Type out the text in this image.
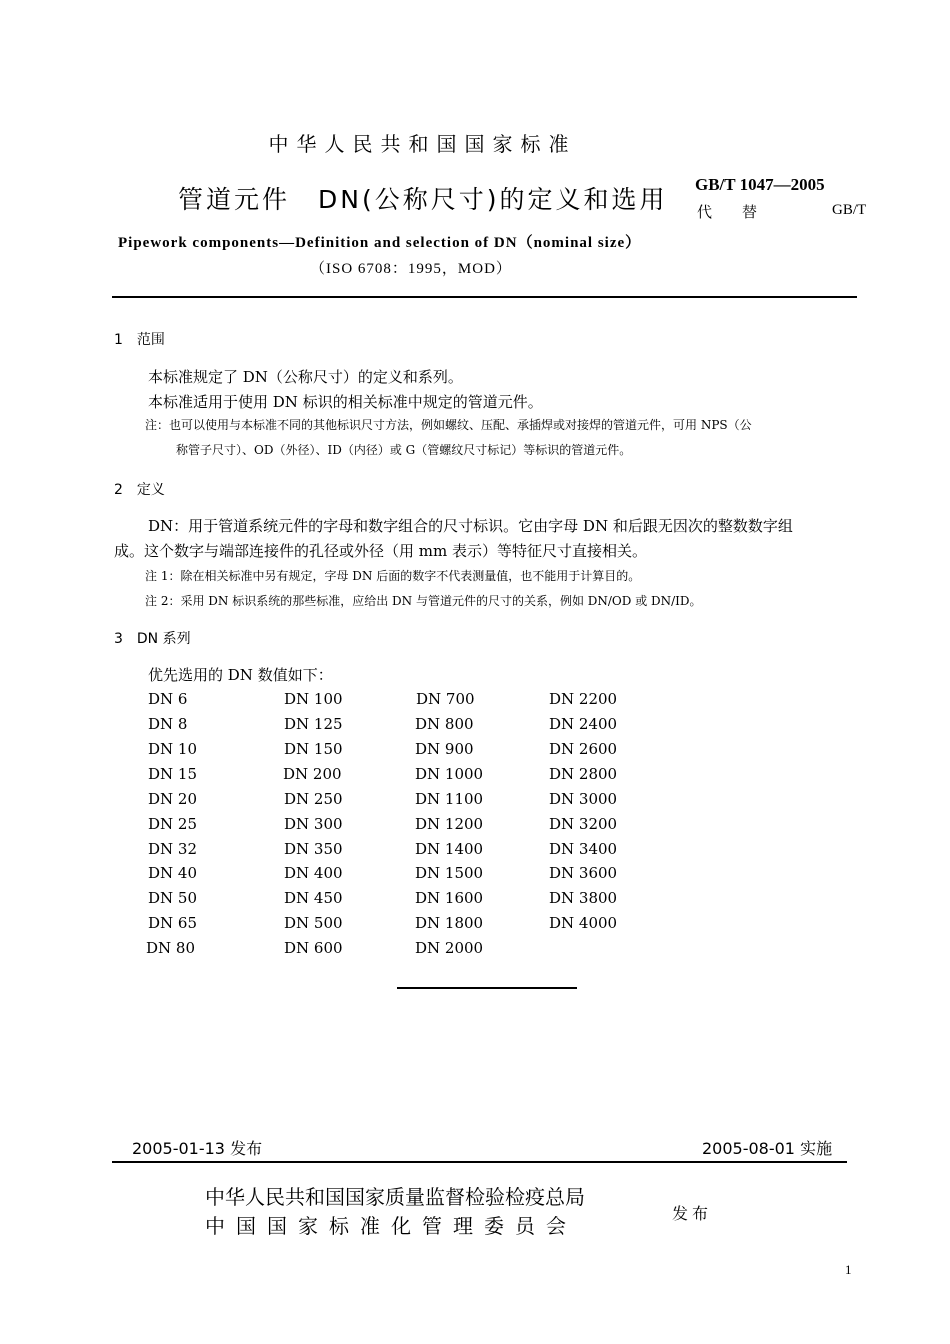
中华人民共和国国家标准
管道元件　DN(公称尺寸)的定义和选用
GB/T 1047—2005
代替	GB/T
Pipework components—Definition and selection of DN（nominal size）
（ISO 6708：1995，MOD）
1　范围
本标准规定了 DN（公称尺寸）的定义和系列。
本标准适用于使用 DN 标识的相关标准中规定的管道元件。
注：也可以使用与本标准不同的其他标识尺寸方法，例如螺纹、压配、承插焊或对接焊的管道元件，可用 NPS（公
称管子尺寸）、OD（外径）、ID（内径）或 G（管螺纹尺寸标记）等标识的管道元件。
2　定义
DN：用于管道系统元件的字母和数字组合的尺寸标识。它由字母 DN 和后跟无因次的整数数字组
成。这个数字与端部连接件的孔径或外径（用 mm 表示）等特征尺寸直接相关。
注 1：除在相关标准中另有规定，字母 DN 后面的数字不代表测量值，也不能用于计算目的。
注 2：采用 DN 标识系统的那些标准，应给出 DN 与管道元件的尺寸的关系，例如 DN/OD 或 DN/ID。
3　DN 系列
优先选用的 DN 数值如下：
DN 6
DN 8
DN 10
DN 15
DN 20
DN 25
DN 32
DN 40
DN 50
DN 65
DN 80
DN 100
DN 125
DN 150
DN 200
DN 250
DN 300
DN 350
DN 400
DN 450
DN 500
DN 600
DN 700
DN 800
DN 900
DN 1000
DN 1100
DN 1200
DN 1400
DN 1500
DN 1600
DN 1800
DN 2000
DN 2200
DN 2400
DN 2600
DN 2800
DN 3000
DN 3200
DN 3400
DN 3600
DN 3800
DN 4000
2005-01-13 发布	2005-08-01 实施
中华人民共和国国家质量监督检验检疫总局
中国国家标准化管理委员会
发布
1
